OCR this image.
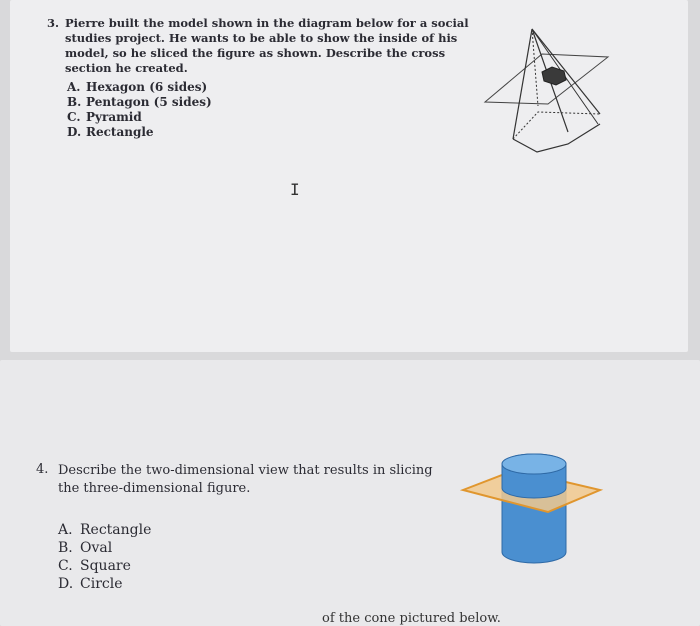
3. Pierre built the model shown in the diagram below for a social studies project. He wants to be able to show the inside of his model, so he sliced the figure as shown. Describe the cross section he created.
A. Hexagon (6 sides)
B. Pentagon (5 sides)
C. Pyramid
D. Rectangle
I
4. Describe the two-dimensional view that results in slicing the three-dimensional figure.
A. Rectangle
B. Oval
C. Square
D. Circle
of the cone pictured below.
